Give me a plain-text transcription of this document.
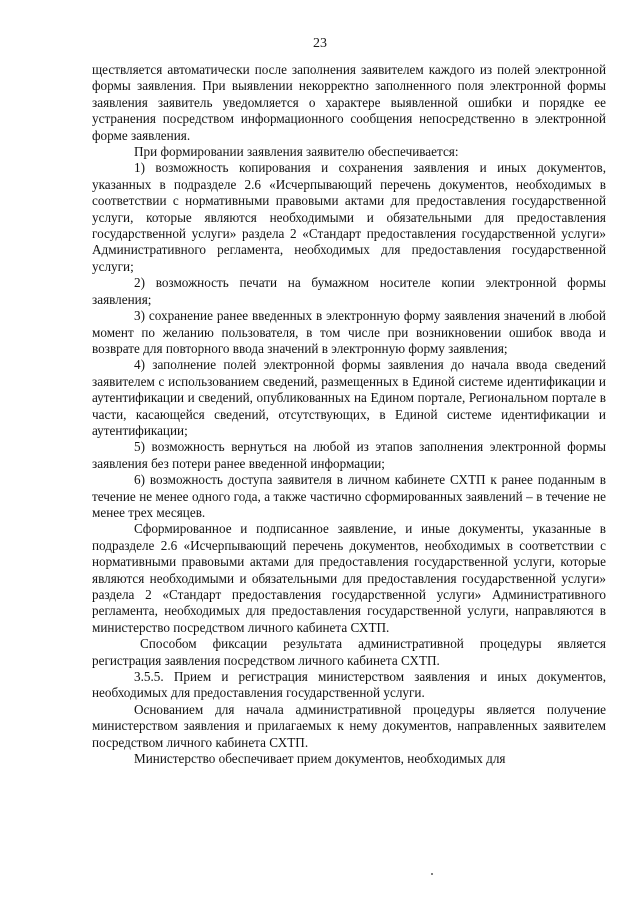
23

ществляется автоматически после заполнения заявителем каждого из полей электронной формы заявления. При выявлении некорректно заполненного поля электронной формы заявления заявитель уведомляется о характере выявленной ошибки и порядке ее устранения посредством информационного сообщения непосредственно в электронной форме заявления.

При формировании заявления заявителю обеспечивается:

1) возможность копирования и сохранения заявления и иных документов, указанных в подразделе 2.6 «Исчерпывающий перечень документов, необходимых в соответствии с нормативными правовыми актами для предоставления государственной услуги, которые являются необходимыми и обязательными для предоставления государственной услуги» раздела 2 «Стандарт предоставления государственной услуги» Административного регламента, необходимых для предоставления государственной услуги;

2) возможность печати на бумажном носителе копии электронной формы заявления;

3) сохранение ранее введенных в электронную форму заявления значений в любой момент по желанию пользователя, в том числе при возникновении ошибок ввода и возврате для повторного ввода значений в электронную форму заявления;

4) заполнение полей электронной формы заявления до начала ввода сведений заявителем с использованием сведений, размещенных в Единой системе идентификации и аутентификации и сведений, опубликованных на Едином портале, Региональном портале в части, касающейся сведений, отсутствующих, в Единой системе идентификации и аутентификации;

5) возможность вернуться на любой из этапов заполнения электронной формы заявления без потери ранее введенной информации;

6) возможность доступа заявителя в личном кабинете СХТП к ранее поданным в течение не менее одного года, а также частично сформированных заявлений – в течение не менее трех месяцев.

Сформированное и подписанное заявление, и иные документы, указанные в подразделе 2.6 «Исчерпывающий перечень документов, необходимых в соответствии с нормативными правовыми актами для предоставления государственной услуги, которые являются необходимыми и обязательными для предоставления государственной услуги» раздела 2 «Стандарт предоставления государственной услуги» Административного регламента, необходимых для предоставления государственной услуги, направляются в министерство посредством личного кабинета СХТП.

Способом фиксации результата административной процедуры является регистрация заявления посредством личного кабинета СХТП.

3.5.5. Прием и регистрация министерством заявления и иных документов, необходимых для предоставления государственной услуги.

Основанием для начала административной процедуры является получение министерством заявления и прилагаемых к нему документов, направленных заявителем посредством личного кабинета СХТП.

Министерство обеспечивает прием документов, необходимых для
